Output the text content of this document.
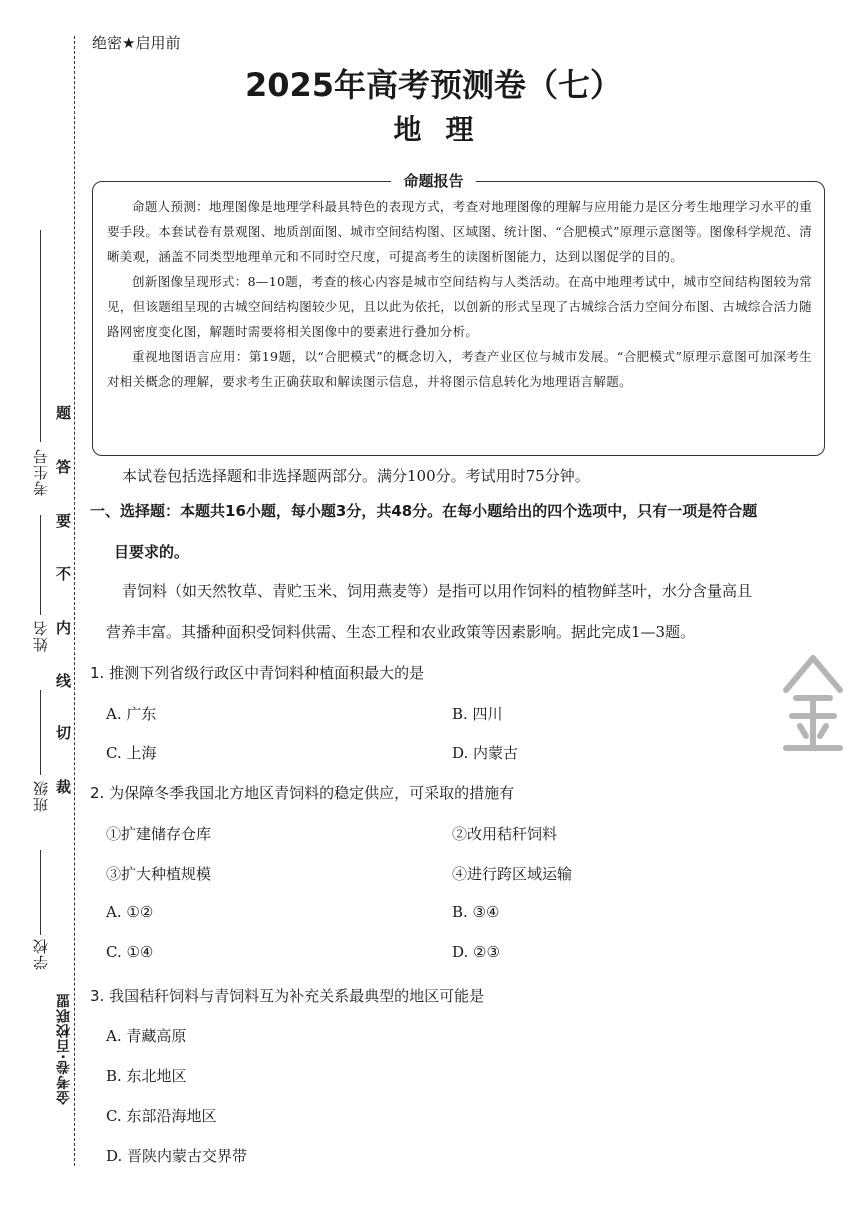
考生号
姓名
班级
学校
题
答
要
不
内
线
切
裁
金考卷·百校联盟
绝密★启用前
2025年高考预测卷（七）
地理

命题人预测：地理图像是地理学科最具特色的表现方式，考查对地理图像的理解与应用能力是区分考生地理学习水平的重要手段。本套试卷有景观图、地质剖面图、城市空间结构图、区域图、统计图、“合肥模式”原理示意图等。图像科学规范、清晰美观，涵盖不同类型地理单元和不同时空尺度，可提高考生的读图析图能力，达到以图促学的目的。

创新图像呈现形式：8—10题，考查的核心内容是城市空间结构与人类活动。在高中地理考试中，城市空间结构图较为常见，但该题组呈现的古城空间结构图较少见，且以此为依托，以创新的形式呈现了古城综合活力空间分布图、古城综合活力随路网密度变化图，解题时需要将相关图像中的要素进行叠加分析。

重视地图语言应用：第19题，以“合肥模式”的概念切入，考查产业区位与城市发展。“合肥模式”原理示意图可加深考生对相关概念的理解，要求考生正确获取和解读图示信息，并将图示信息转化为地理语言解题。

命题报告
本试卷包括选择题和非选择题两部分。满分100分。考试用时75分钟。
一、选择题：本题共16小题，每小题3分，共48分。在每小题给出的四个选项中，只有一项是符合题
目要求的。
青饲料（如天然牧草、青贮玉米、饲用燕麦等）是指可以用作饲料的植物鲜茎叶，水分含量高且
营养丰富。其播种面积受饲料供需、生态工程和农业政策等因素影响。据此完成1—3题。
1. 推测下列省级行政区中青饲料种植面积最大的是
A. 广东	B. 四川
C. 上海	D. 内蒙古
2. 为保障冬季我国北方地区青饲料的稳定供应，可采取的措施有
①扩建储存仓库	②改用秸秆饲料
③扩大种植规模	④进行跨区域运输
A. ①②	B. ③④
C. ①④	D. ②③
3. 我国秸秆饲料与青饲料互为补充关系最典型的地区可能是
A. 青藏高原
B. 东北地区
C. 东部沿海地区
D. 晋陕内蒙古交界带
